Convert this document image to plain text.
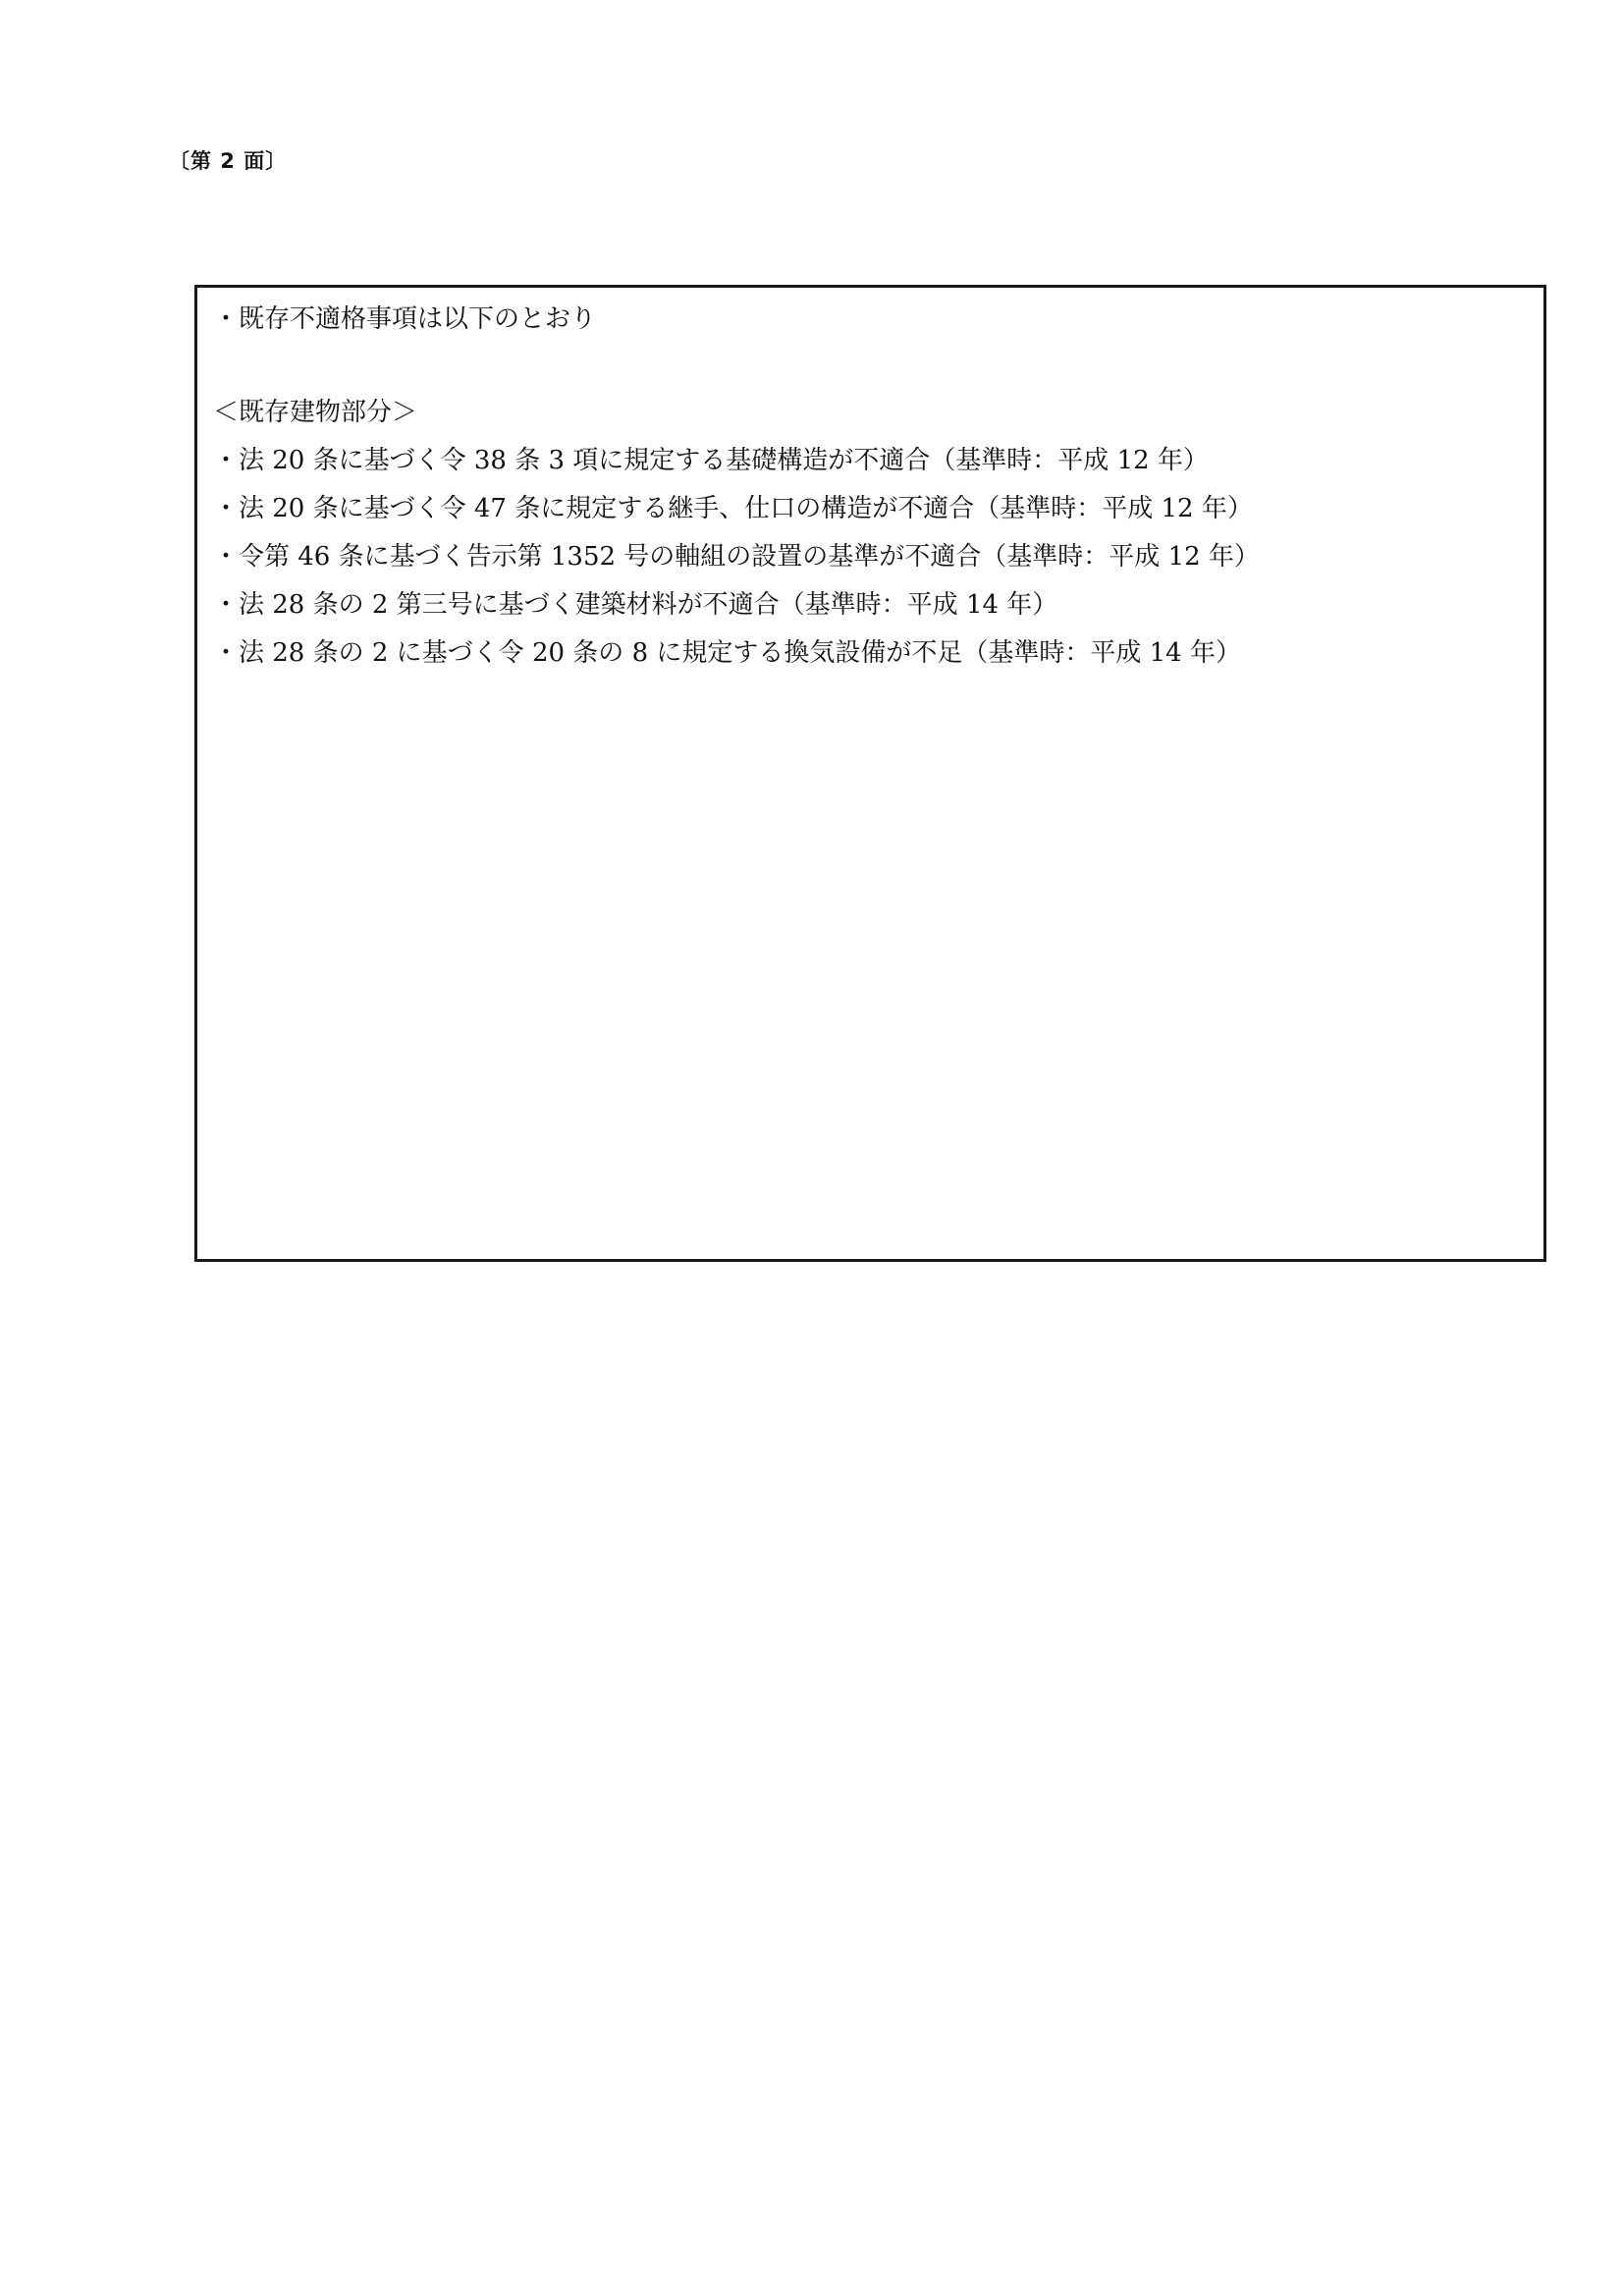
〔第 2 面〕
・既存不適格事項は以下のとおり
＜既存建物部分＞
・法 20 条に基づく令 38 条 3 項に規定する基礎構造が不適合（基準時：平成 12 年）
・法 20 条に基づく令 47 条に規定する継手、仕口の構造が不適合（基準時：平成 12 年）
・令第 46 条に基づく告示第 1352 号の軸組の設置の基準が不適合（基準時：平成 12 年）
・法 28 条の 2 第三号に基づく建築材料が不適合（基準時：平成 14 年）
・法 28 条の 2 に基づく令 20 条の 8 に規定する換気設備が不足（基準時：平成 14 年）
